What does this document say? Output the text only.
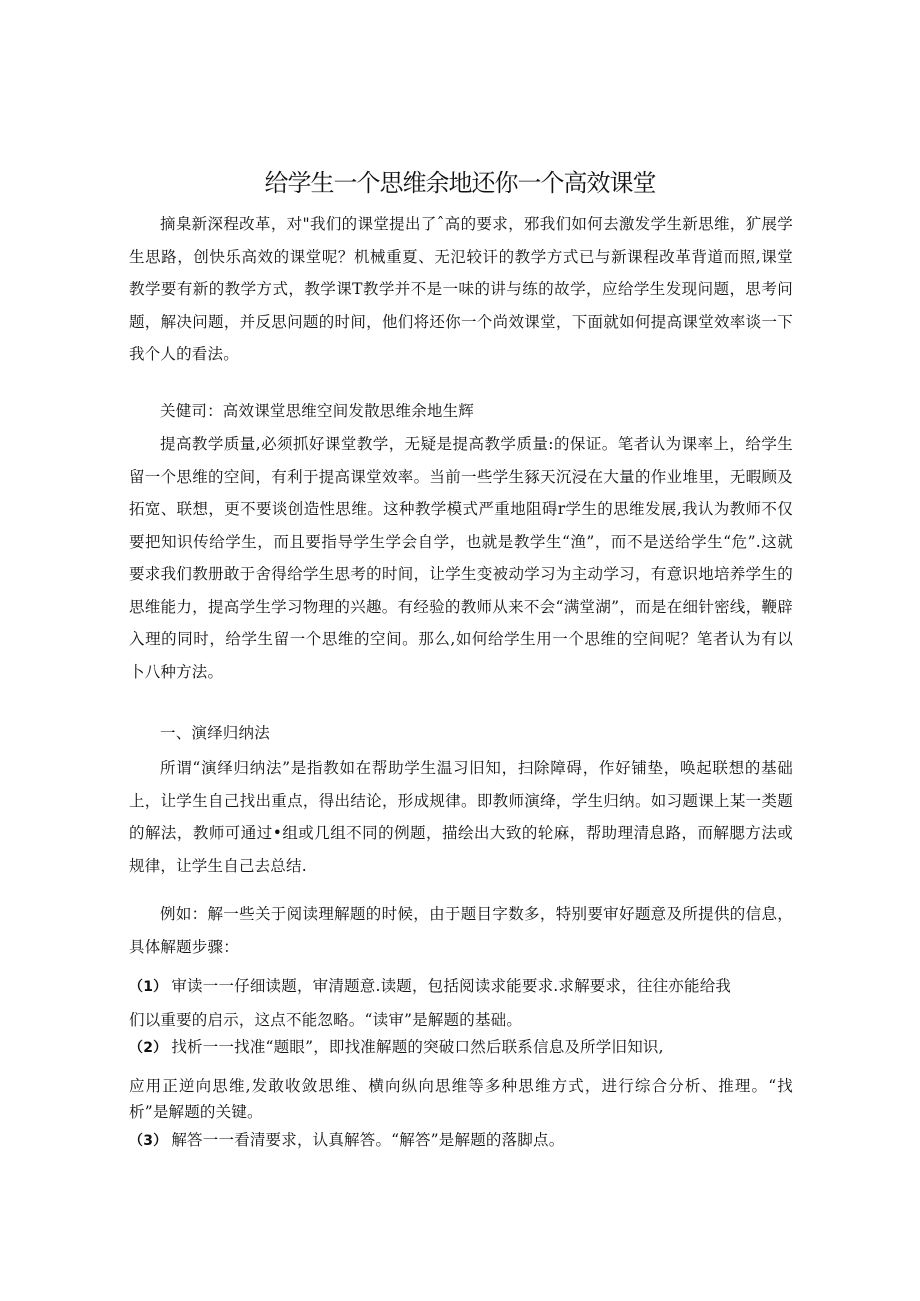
给学生一个思维余地还你一个高效课堂

摘臬新深程改革，对"我们的课堂提出了ˆ高的要求，邪我们如何去激发学生新思维，犷展学生思路，创快乐高效的课堂呢？机械重夏、无氾较讦的教学方式已与新课程改革背道而照,课堂教学要有新的教学方式，教学课T教学并不是一味的讲与练的故学，应给学生发现问题，思考问题，解决问题，并反思问题的时间，他们将还你一个尚效课堂，下面就如何提高课堂效率谈一下我个人的看法。

关健司：高效课堂思维空间发散思维余地生辉

提高教学质量,必须抓好课堂教学，无疑是提高教学质量:的保证。笔者认为课率上，给学生留一个思维的空间，有利于提高课堂效率。当前一些学生豩天沉浸在大量的作业堆里，无暇顾及拓宽、联想，更不要谈创造性思维。这种教学模式严重地阻碍r学生的思维发展,我认为教师不仅要把知识传给学生，而且要指导学生学会自学，也就是教学生“渔”，而不是送给学生“危”.这就要求我们教册敢于舍得给学生思考的时间，让学生变被动学习为主动学习，有意识地培养学生的思维能力，提高学生学习物理的兴趣。有经验的教师从来不会“满堂湖”，而是在细针密线，鞭辟入理的同时，给学生留一个思维的空间。那么,如何给学生用一个思维的空间呢？笔者认为有以卜八种方法。

一、演绎归纳法

所谓“演绎归纳法”是指教如在帮助学生温习旧知，扫除障碍，作好铺垫，唤起联想的基础上，让学生自己找出重点，得出结论，形成规律。即教师演绛，学生归纳。如习题课上某一类题的解法，教师可通过•组或几组不同的例题，描绘出大致的轮麻，帮助理清息路，而解腮方法或规律，让学生自己去总结.

例如：解一些关于阅读理解题的时候，由于题目字数多，特别要审好题意及所提供的信息，具体解题步骤：

（1） 审读一一仔细读题，审清题意.读题，包括阅读求能要求.求解要求，往往亦能给我
们以重要的启示，这点不能忽略。“读审”是解题的基础。
（2） 找析一一找准“题眼”，即找准解题的突破口然后联系信息及所学旧知识,
应用正逆向思维,发敢收敛思维、横向纵向思维等多种思维方式，进行综合分析、推理。“找析”是解题的关键。
（3） 解答一一看清要求，认真解答。“解答”是解题的落脚点。
